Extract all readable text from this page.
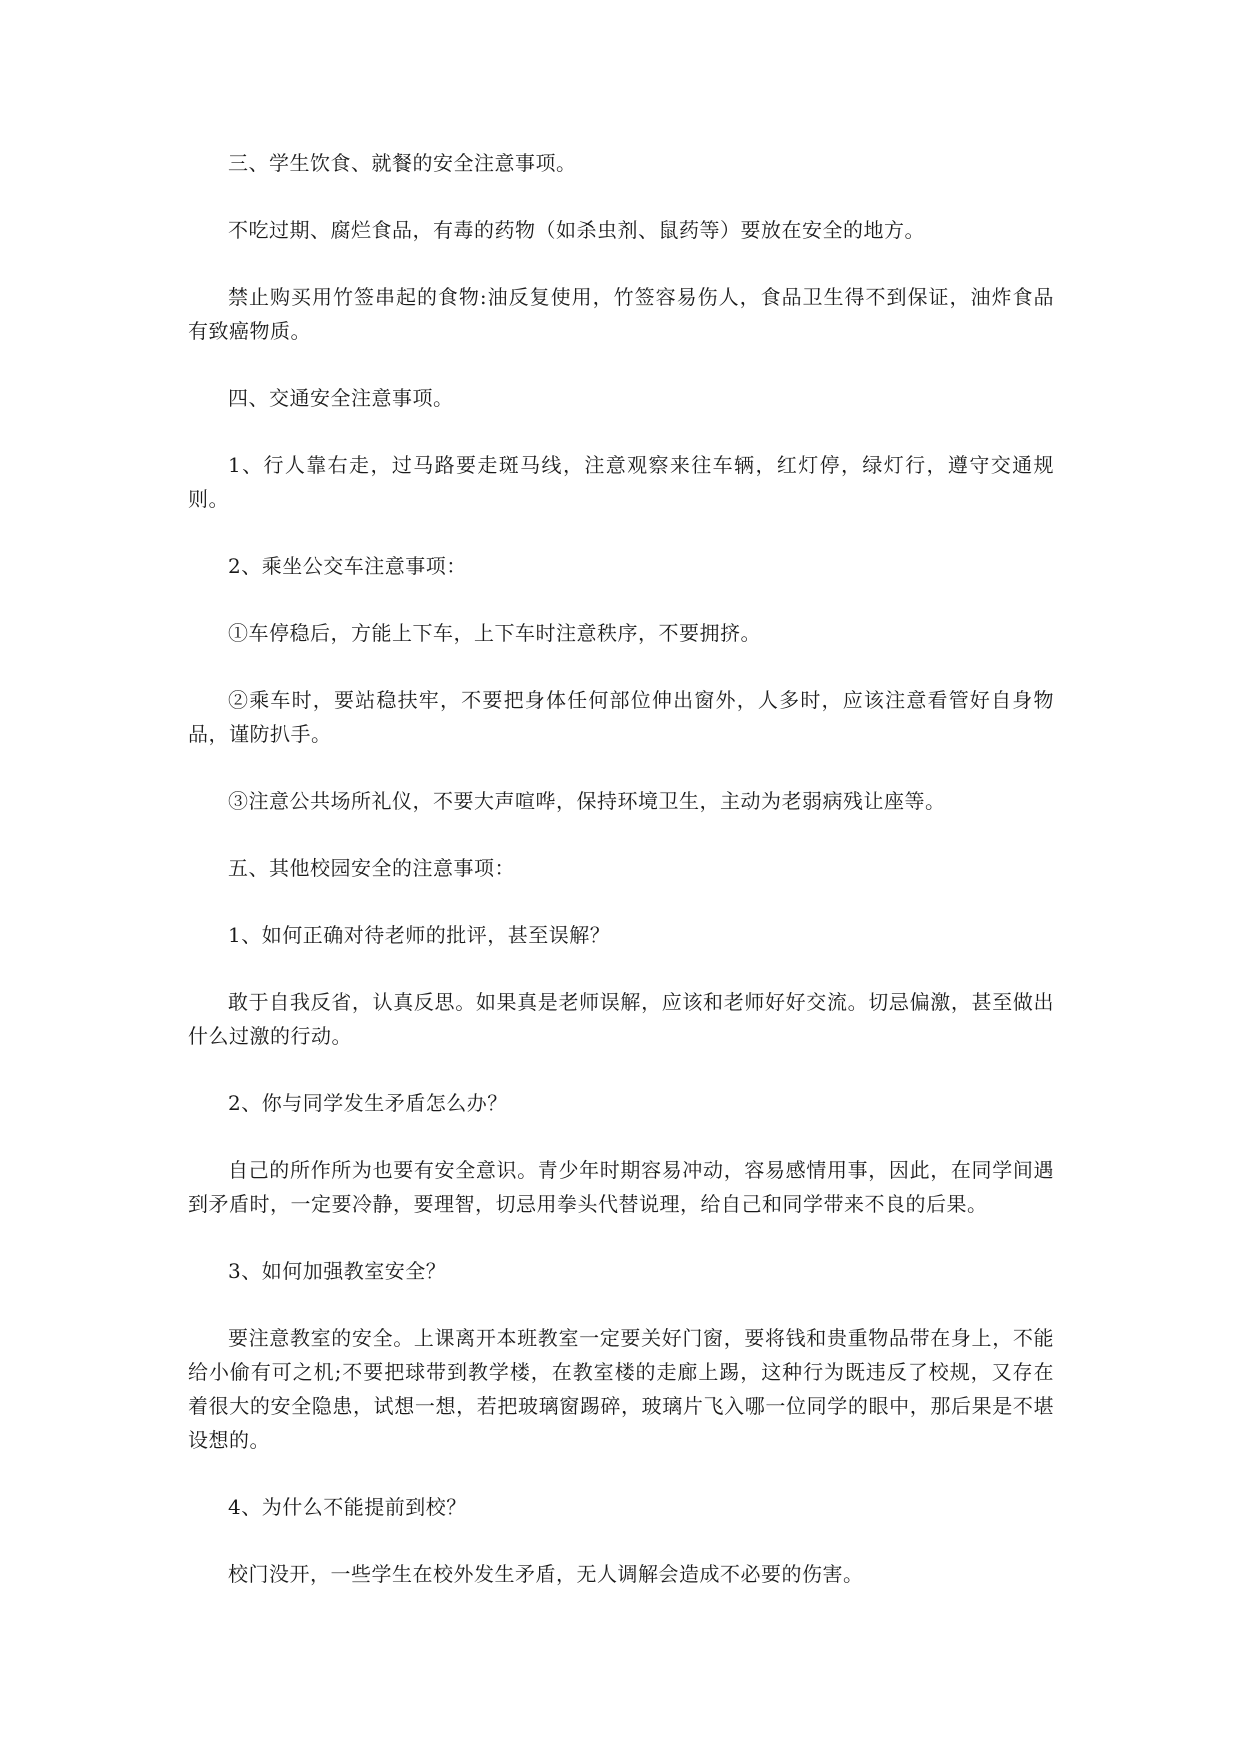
三、学生饮食、就餐的安全注意事项。

不吃过期、腐烂食品，有毒的药物（如杀虫剂、鼠药等）要放在安全的地方。

禁止购买用竹签串起的食物:油反复使用，竹签容易伤人，食品卫生得不到保证，油炸食品有致癌物质。

四、交通安全注意事项。

1、行人靠右走，过马路要走斑马线，注意观察来往车辆，红灯停，绿灯行，遵守交通规则。

2、乘坐公交车注意事项：

①车停稳后，方能上下车，上下车时注意秩序，不要拥挤。

②乘车时，要站稳扶牢，不要把身体任何部位伸出窗外，人多时，应该注意看管好自身物品，谨防扒手。

③注意公共场所礼仪，不要大声喧哗，保持环境卫生，主动为老弱病残让座等。

五、其他校园安全的注意事项：

1、如何正确对待老师的批评，甚至误解？

敢于自我反省，认真反思。如果真是老师误解，应该和老师好好交流。切忌偏激，甚至做出什么过激的行动。

2、你与同学发生矛盾怎么办？

自己的所作所为也要有安全意识。青少年时期容易冲动，容易感情用事，因此，在同学间遇到矛盾时，一定要冷静，要理智，切忌用拳头代替说理，给自己和同学带来不良的后果。

3、如何加强教室安全？

要注意教室的安全。上课离开本班教室一定要关好门窗，要将钱和贵重物品带在身上，不能给小偷有可之机;不要把球带到教学楼，在教室楼的走廊上踢，这种行为既违反了校规，又存在着很大的安全隐患，试想一想，若把玻璃窗踢碎，玻璃片飞入哪一位同学的眼中，那后果是不堪设想的。

4、为什么不能提前到校？

校门没开，一些学生在校外发生矛盾，无人调解会造成不必要的伤害。
